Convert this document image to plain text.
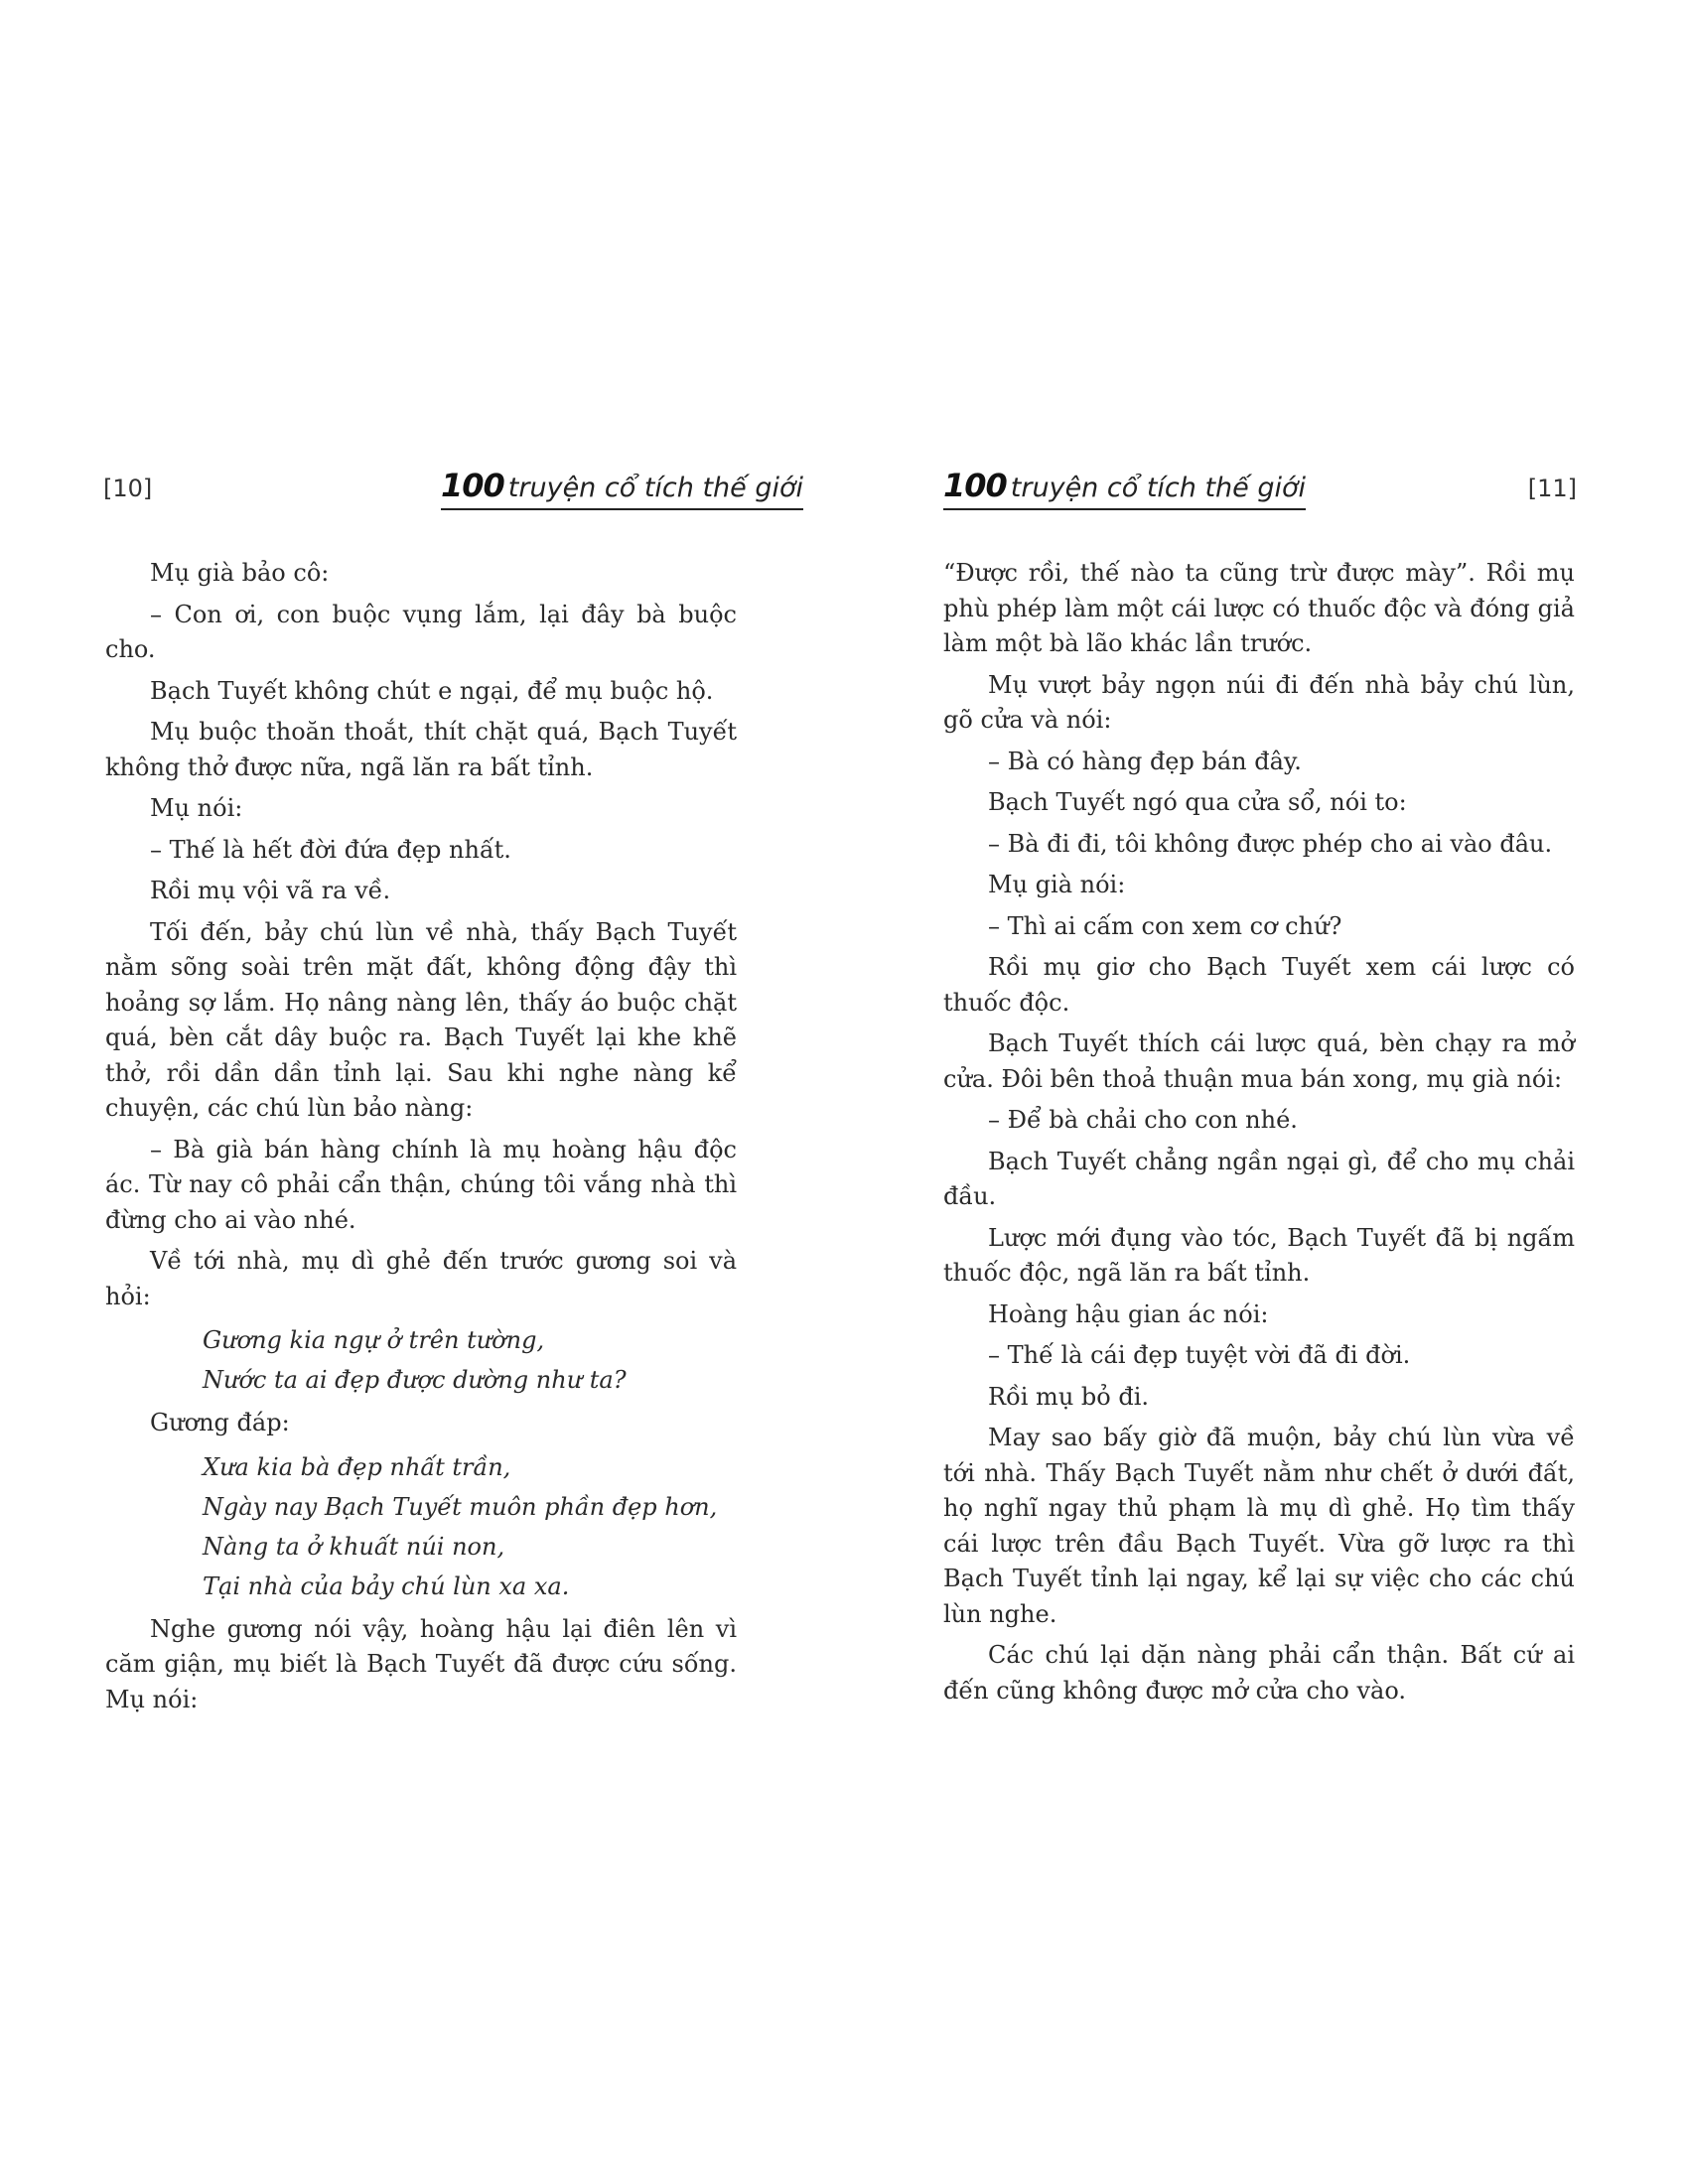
[10]	100 truyện cổ tích thế giới

Mụ già bảo cô:

– Con ơi, con buộc vụng lắm, lại đây bà buộc cho.

Bạch Tuyết không chút e ngại, để mụ buộc hộ.

Mụ buộc thoăn thoắt, thít chặt quá, Bạch Tuyết không thở được nữa, ngã lăn ra bất tỉnh.

Mụ nói:

– Thế là hết đời đứa đẹp nhất.

Rồi mụ vội vã ra về.

Tối đến, bảy chú lùn về nhà, thấy Bạch Tuyết nằm sõng soài trên mặt đất, không động đậy thì hoảng sợ lắm. Họ nâng nàng lên, thấy áo buộc chặt quá, bèn cắt dây buộc ra. Bạch Tuyết lại khe khẽ thở, rồi dần dần tỉnh lại. Sau khi nghe nàng kể chuyện, các chú lùn bảo nàng:

– Bà già bán hàng chính là mụ hoàng hậu độc ác. Từ nay cô phải cẩn thận, chúng tôi vắng nhà thì đừng cho ai vào nhé.

Về tới nhà, mụ dì ghẻ đến trước gương soi và hỏi:

Gương kia ngự ở trên tường,

Nước ta ai đẹp được dường như ta?

Gương đáp:

Xưa kia bà đẹp nhất trần,

Ngày nay Bạch Tuyết muôn phần đẹp hơn,

Nàng ta ở khuất núi non,

Tại nhà của bảy chú lùn xa xa.

Nghe gương nói vậy, hoàng hậu lại điên lên vì căm giận, mụ biết là Bạch Tuyết đã được cứu sống. Mụ nói:

100 truyện cổ tích thế giới	[11]

“Được rồi, thế nào ta cũng trừ được mày”. Rồi mụ phù phép làm một cái lược có thuốc độc và đóng giả làm một bà lão khác lần trước.

Mụ vượt bảy ngọn núi đi đến nhà bảy chú lùn, gõ cửa và nói:

– Bà có hàng đẹp bán đây.

Bạch Tuyết ngó qua cửa sổ, nói to:

– Bà đi đi, tôi không được phép cho ai vào đâu.

Mụ già nói:

– Thì ai cấm con xem cơ chứ?

Rồi mụ giơ cho Bạch Tuyết xem cái lược có thuốc độc.

Bạch Tuyết thích cái lược quá, bèn chạy ra mở cửa. Đôi bên thoả thuận mua bán xong, mụ già nói:

– Để bà chải cho con nhé.

Bạch Tuyết chẳng ngần ngại gì, để cho mụ chải đầu.

Lược mới đụng vào tóc, Bạch Tuyết đã bị ngấm thuốc độc, ngã lăn ra bất tỉnh.

Hoàng hậu gian ác nói:

– Thế là cái đẹp tuyệt vời đã đi đời.

Rồi mụ bỏ đi.

May sao bấy giờ đã muộn, bảy chú lùn vừa về tới nhà. Thấy Bạch Tuyết nằm như chết ở dưới đất, họ nghĩ ngay thủ phạm là mụ dì ghẻ. Họ tìm thấy cái lược trên đầu Bạch Tuyết. Vừa gỡ lược ra thì Bạch Tuyết tỉnh lại ngay, kể lại sự việc cho các chú lùn nghe.

Các chú lại dặn nàng phải cẩn thận. Bất cứ ai đến cũng không được mở cửa cho vào.
